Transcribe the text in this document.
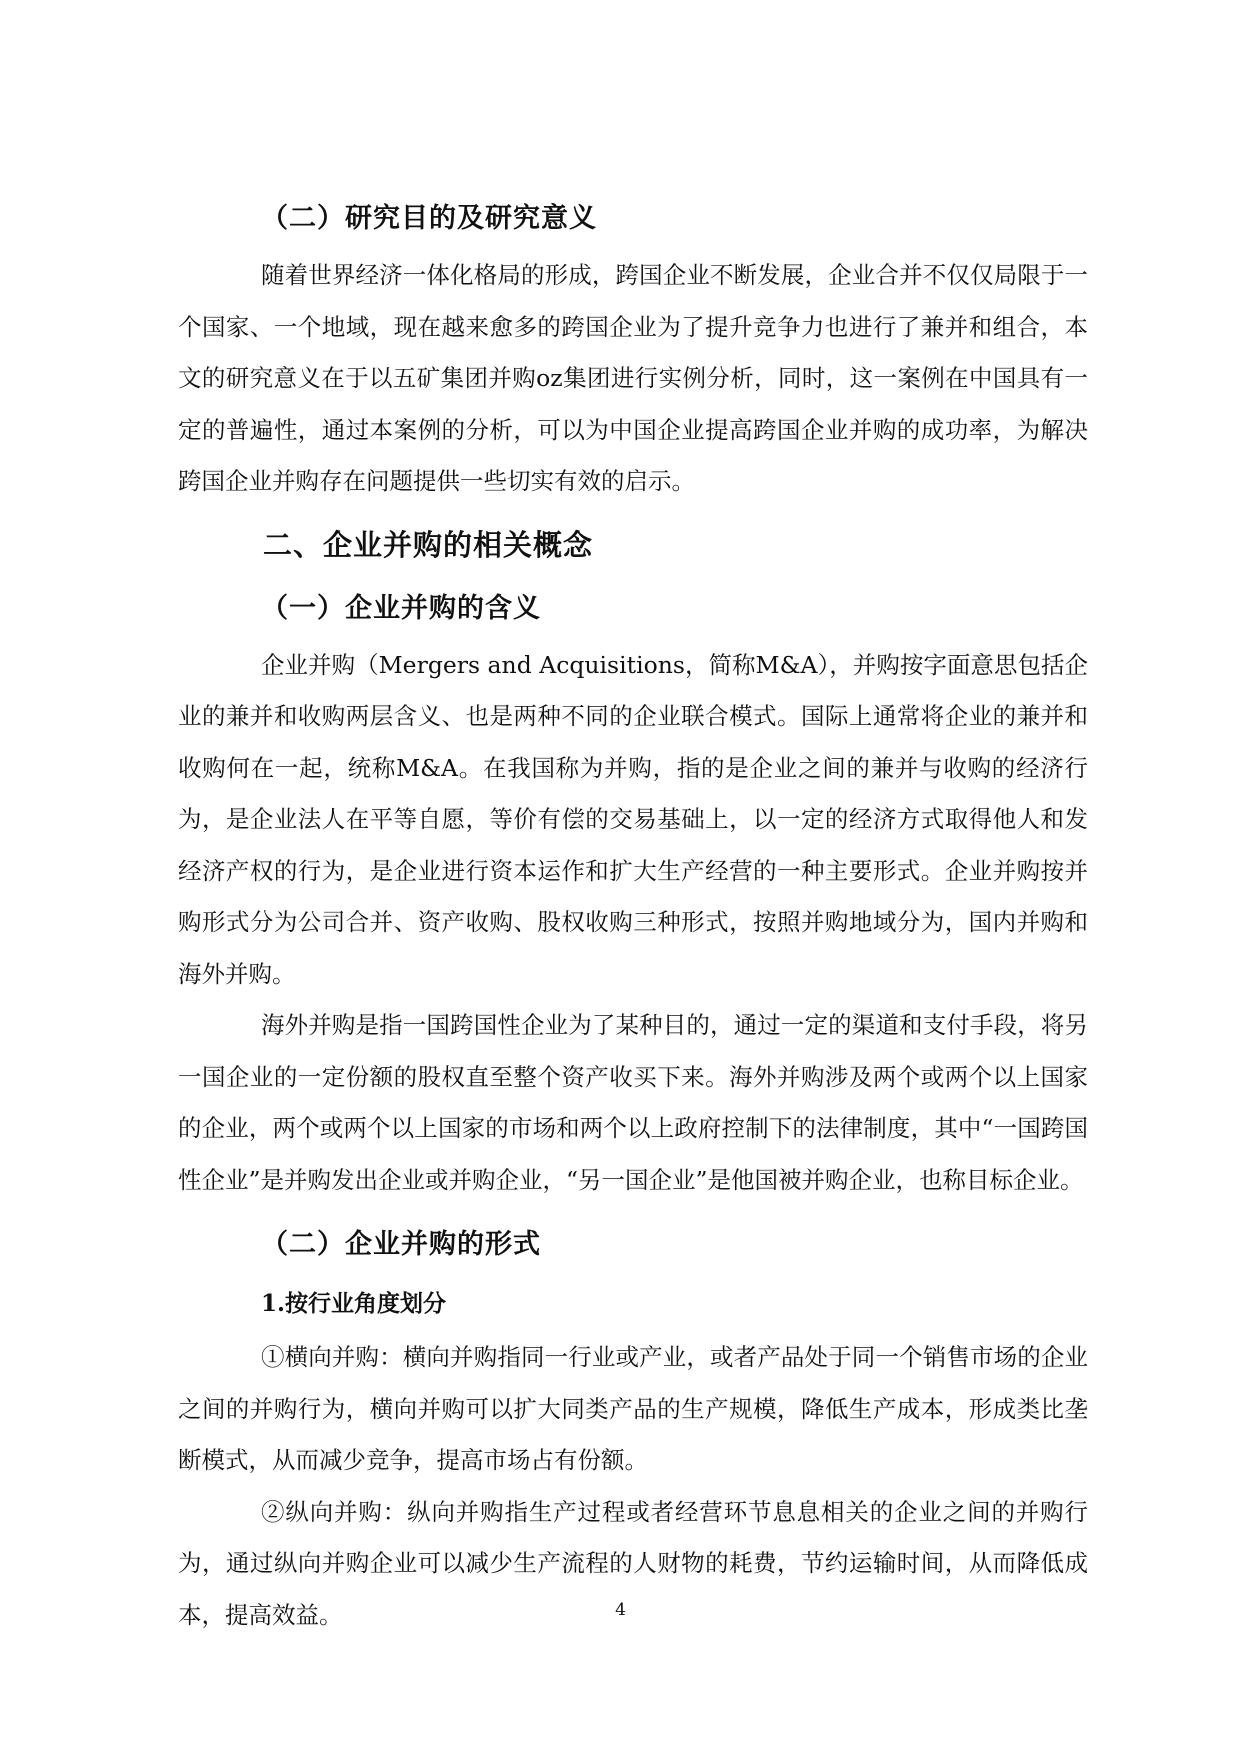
（二）研究目的及研究意义

随着世界经济一体化格局的形成，跨国企业不断发展，企业合并不仅仅局限于一个国家、一个地域，现在越来愈多的跨国企业为了提升竞争力也进行了兼并和组合，本文的研究意义在于以五矿集团并购oz集团进行实例分析，同时，这一案例在中国具有一定的普遍性，通过本案例的分析，可以为中国企业提高跨国企业并购的成功率，为解决跨国企业并购存在问题提供一些切实有效的启示。

二、企业并购的相关概念
（一）企业并购的含义

企业并购（Mergers and Acquisitions，简称M&A），并购按字面意思包括企业的兼并和收购两层含义、也是两种不同的企业联合模式。国际上通常将企业的兼并和收购何在一起，统称M&A。在我国称为并购，指的是企业之间的兼并与收购的经济行为，是企业法人在平等自愿，等价有偿的交易基础上，以一定的经济方式取得他人和发经济产权的行为，是企业进行资本运作和扩大生产经营的一种主要形式。企业并购按并购形式分为公司合并、资产收购、股权收购三种形式，按照并购地域分为，国内并购和海外并购。

海外并购是指一国跨国性企业为了某种目的，通过一定的渠道和支付手段，将另一国企业的一定份额的股权直至整个资产收买下来。海外并购涉及两个或两个以上国家的企业，两个或两个以上国家的市场和两个以上政府控制下的法律制度，其中“一国跨国性企业”是并购发出企业或并购企业，“另一国企业”是他国被并购企业，也称目标企业。

（二）企业并购的形式
1.按行业角度划分

①横向并购：横向并购指同一行业或产业，或者产品处于同一个销售市场的企业之间的并购行为，横向并购可以扩大同类产品的生产规模，降低生产成本，形成类比垄断模式，从而减少竞争，提高市场占有份额。

②纵向并购：纵向并购指生产过程或者经营环节息息相关的企业之间的并购行为，通过纵向并购企业可以减少生产流程的人财物的耗费，节约运输时间，从而降低成本，提高效益。	4
